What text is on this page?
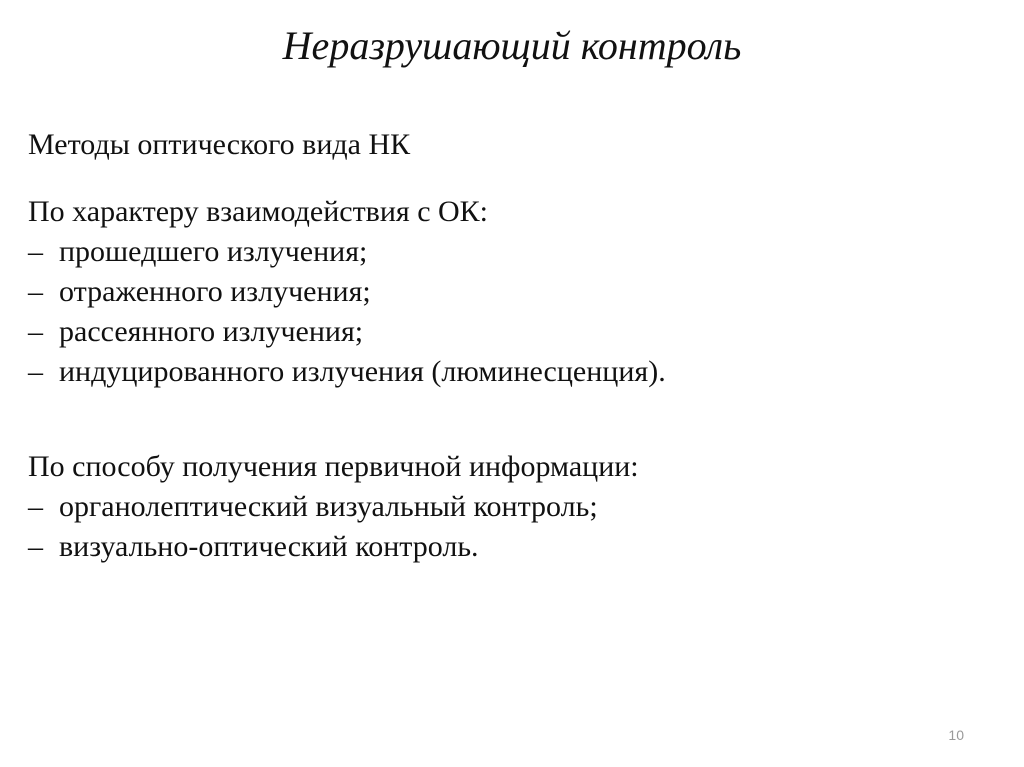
Неразрушающий контроль
Методы оптического вида НК
По характеру взаимодействия с ОК:
– прошедшего излучения;
– отраженного излучения;
– рассеянного излучения;
– индуцированного излучения (люминесценция).
По способу получения первичной информации:
– органолептический визуальный контроль;
– визуально-оптический контроль.
10
